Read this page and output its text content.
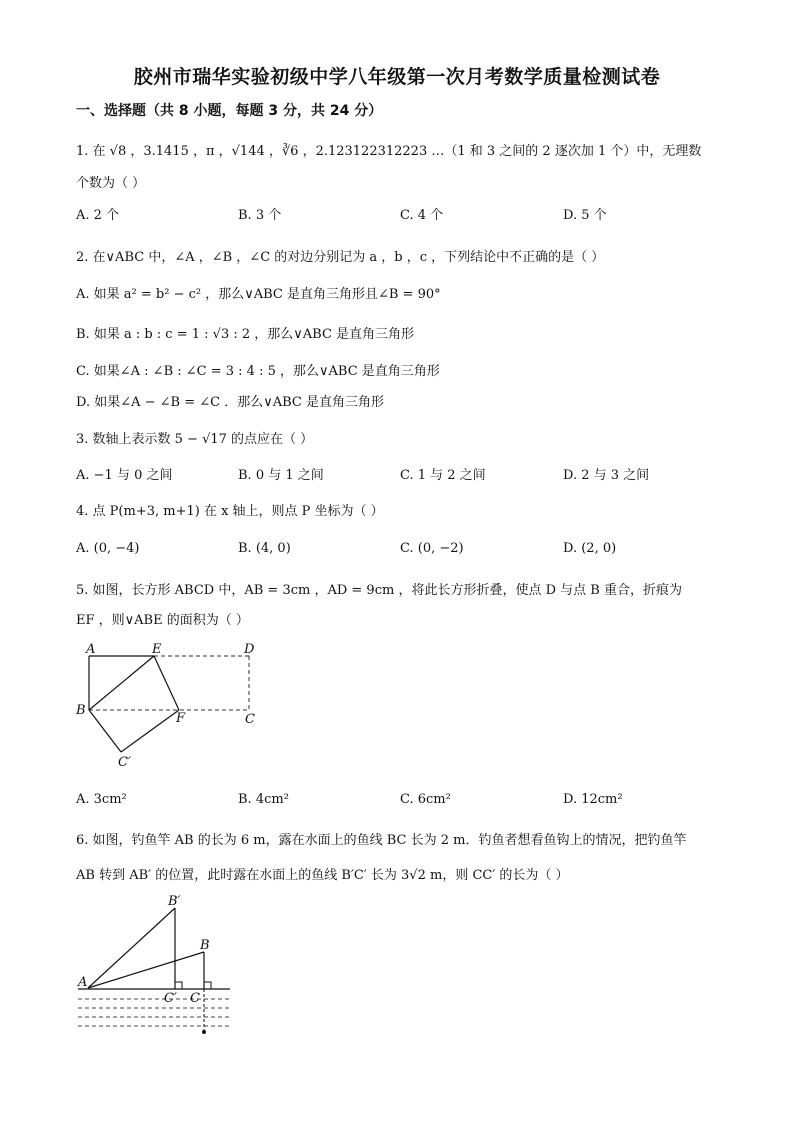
胶州市瑞华实验初级中学八年级第一次月考数学质量检测试卷
一、选择题（共 8 小题，每题 3 分，共 24 分）
1. 在 √8 ，3.1415 ，π ，√144 ，∛6 ，2.123122312223 …（1 和 3 之间的 2 逐次加 1 个）中，无理数
个数为（ ）
A. 2 个	B. 3 个	C. 4 个	D. 5 个
2. 在∨ABC 中，∠A ，∠B ，∠C 的对边分别记为 a ，b ，c ，下列结论中不正确的是（ ）
A. 如果 a² = b² − c² ，那么∨ABC 是直角三角形且∠B = 90°
B. 如果 a : b : c = 1 : √3 : 2 ，那么∨ABC 是直角三角形
C. 如果∠A : ∠B : ∠C = 3 : 4 : 5 ，那么∨ABC 是直角三角形
D. 如果∠A − ∠B = ∠C ．那么∨ABC 是直角三角形
3. 数轴上表示数 5 − √17 的点应在（ ）
A. −1 与 0 之间	B. 0 与 1 之间	C. 1 与 2 之间	D. 2 与 3 之间
4. 点 P(m+3, m+1) 在 x 轴上，则点 P 坐标为（ ）
A. (0, −4)	B. (4, 0)	C. (0, −2)	D. (2, 0)
5. 如图，长方形 ABCD 中，AB = 3cm ，AD = 9cm ，将此长方形折叠，使点 D 与点 B 重合，折痕为
EF ，则∨ABE 的面积为（ ）
A	E	D
B
F	C
C′
A. 3cm²	B. 4cm²	C. 6cm²	D. 12cm²
6. 如图，钓鱼竿 AB 的长为 6 m，露在水面上的鱼线 BC 长为 2 m．钓鱼者想看鱼钩上的情况，把钓鱼竿
AB 转到 AB′ 的位置，此时露在水面上的鱼线 B′C′ 长为 3√2 m，则 CC′ 的长为（ ）
B′
B
A
C′ C
